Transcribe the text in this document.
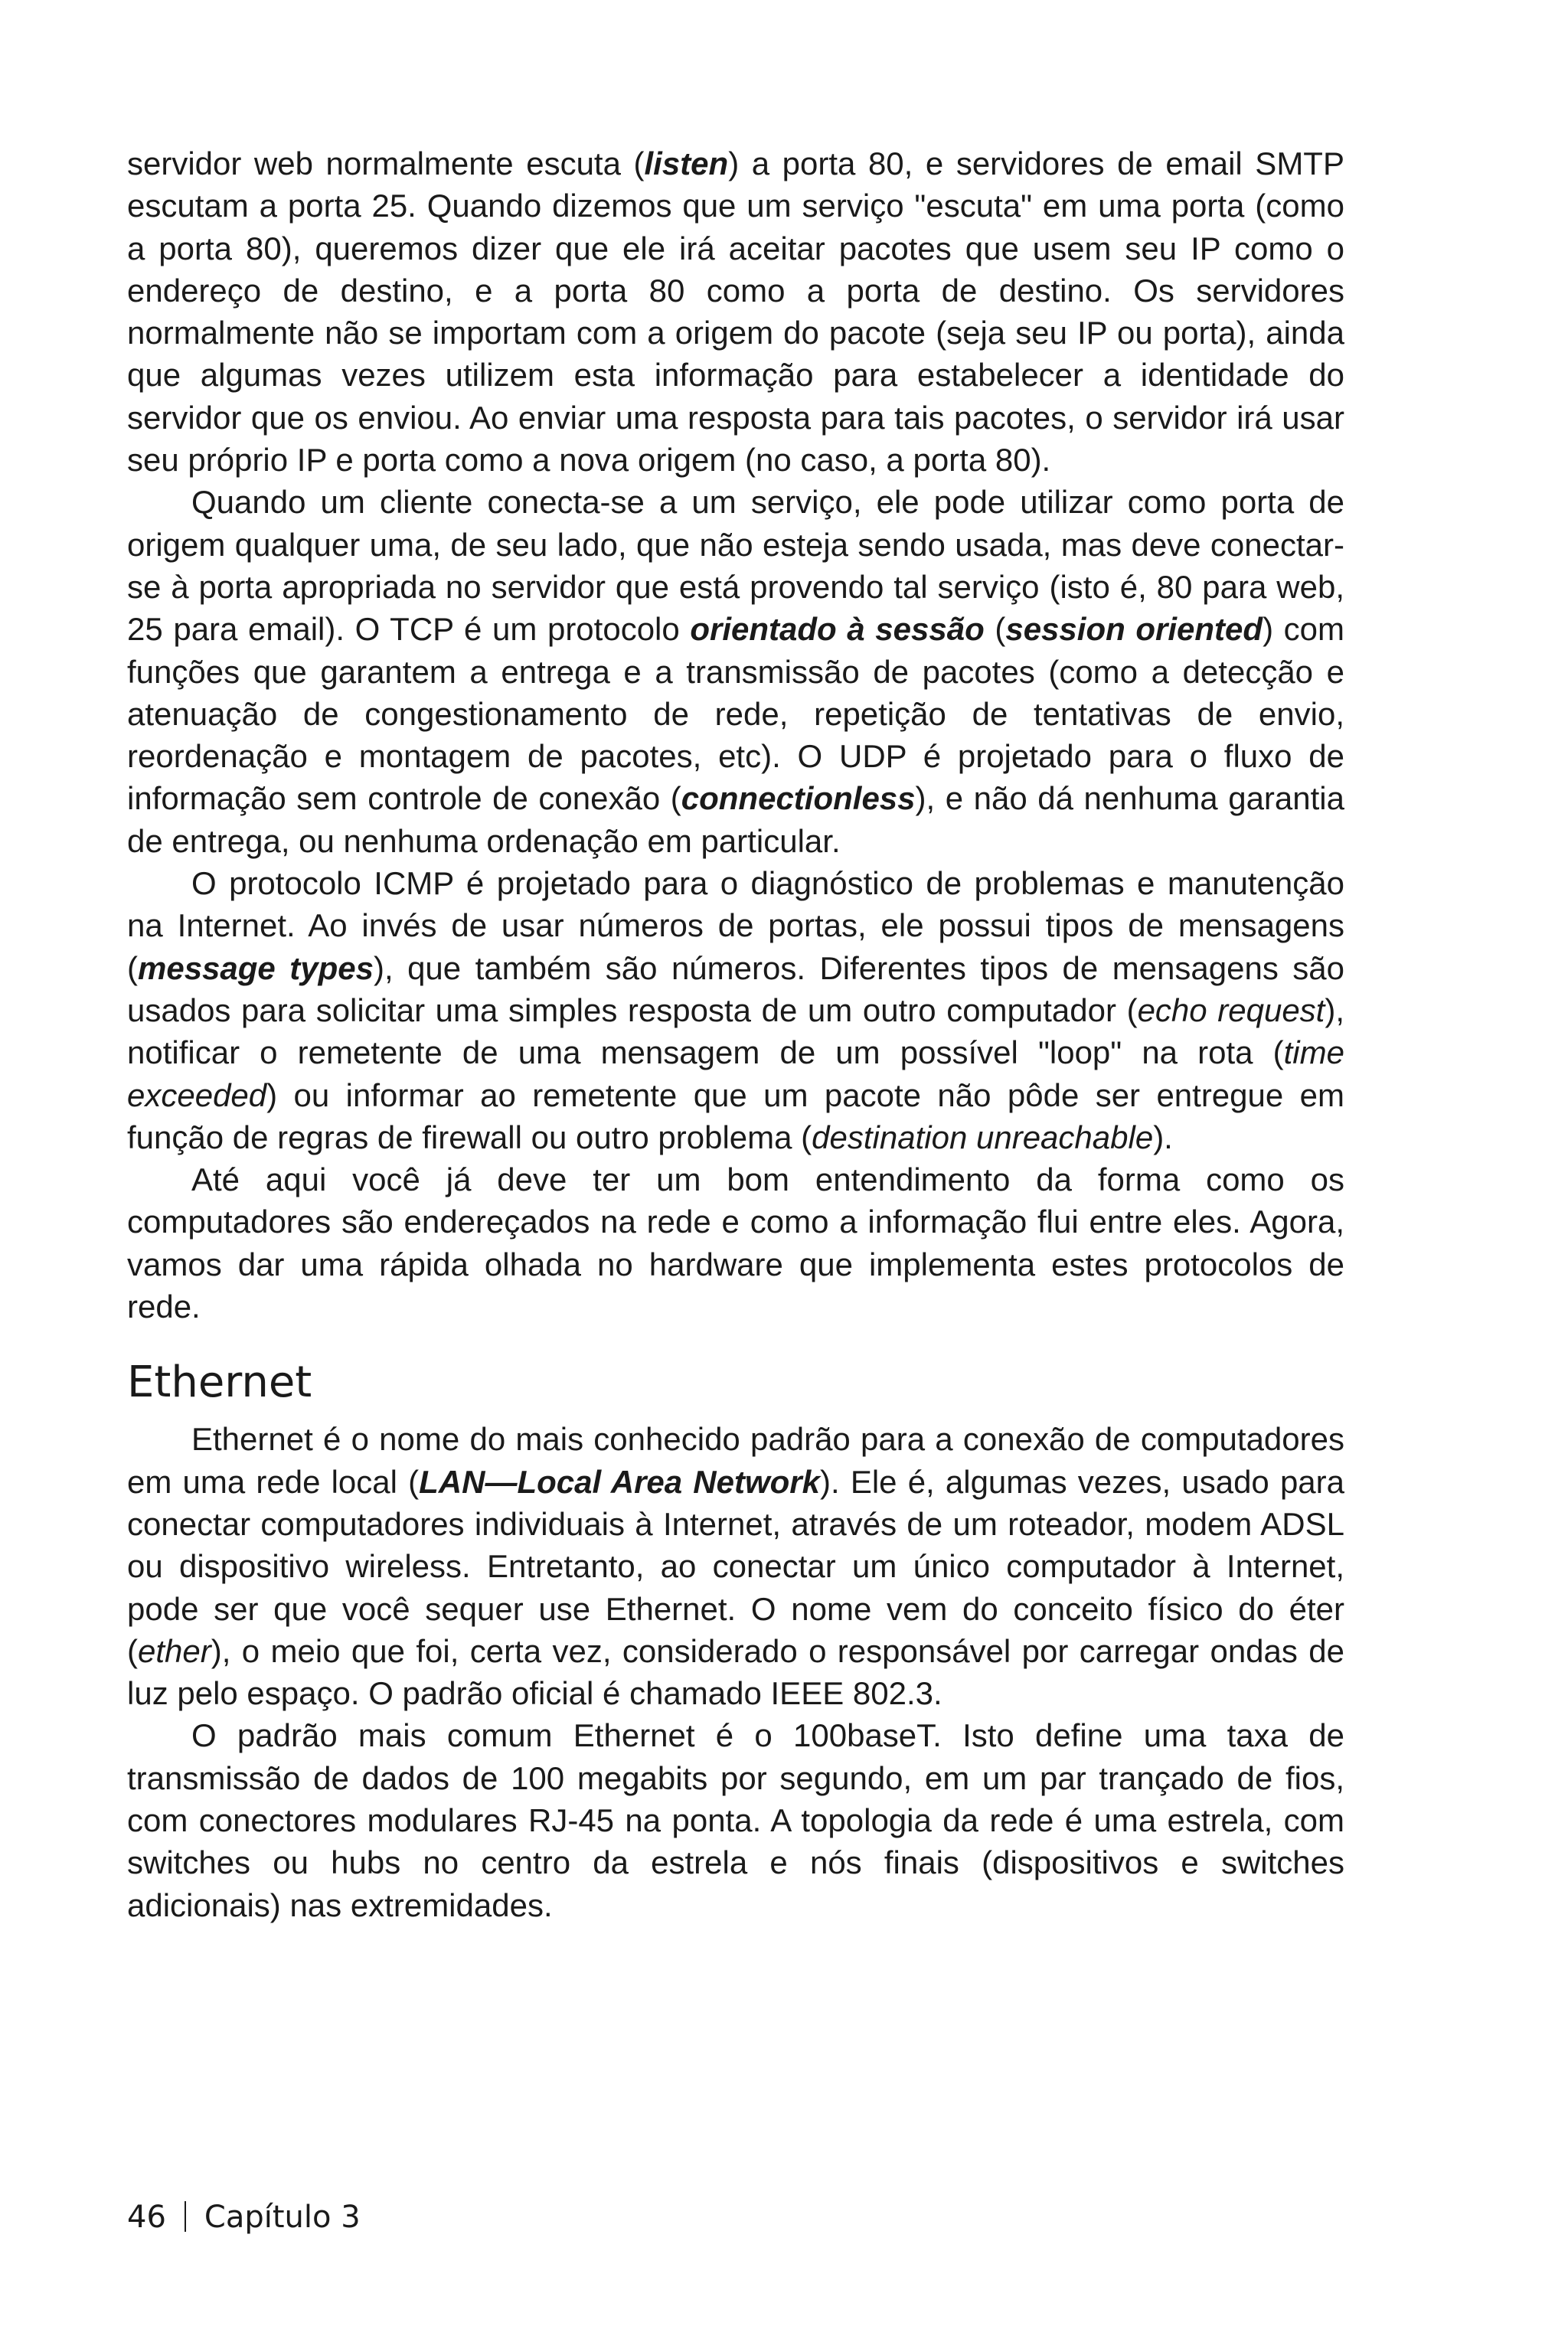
servidor web normalmente escuta (listen) a porta 80, e servidores de email SMTP escutam a porta 25. Quando dizemos que um serviço "escuta" em uma porta (como a porta 80), queremos dizer que ele irá aceitar pacotes que usem seu IP como o endereço de destino, e a porta 80 como a porta de destino. Os servidores normalmente não se importam com a origem do pacote (seja seu IP ou porta), ainda que algumas vezes utilizem esta informação para estabelecer a identidade do servidor que os enviou. Ao enviar uma resposta para tais pacotes, o servidor irá usar seu próprio IP e porta como a nova origem (no caso, a porta 80).

Quando um cliente conecta-se a um serviço, ele pode utilizar como porta de origem qualquer uma, de seu lado, que não esteja sendo usada, mas deve conectar-se à porta apropriada no servidor que está provendo tal serviço (isto é, 80 para web, 25 para email). O TCP é um protocolo orientado à sessão (session oriented) com funções que garantem a entrega e a transmissão de pacotes (como a detecção e atenuação de congestionamento de rede, repetição de tentativas de envio, reordenação e montagem de pacotes, etc). O UDP é projetado para o fluxo de informação sem controle de conexão (connectionless), e não dá nenhuma garantia de entrega, ou nenhuma ordenação em particular.

O protocolo ICMP é projetado para o diagnóstico de problemas e manutenção na Internet. Ao invés de usar números de portas, ele possui tipos de mensagens (message types), que também são números. Diferentes tipos de mensagens são usados para solicitar uma simples resposta de um outro computador (echo request), notificar o remetente de uma mensagem de um possível "loop" na rota (time exceeded) ou informar ao remetente que um pacote não pôde ser entregue em função de regras de firewall ou outro problema (destination unreachable).

Até aqui você já deve ter um bom entendimento da forma como os computadores são endereçados na rede e como a informação flui entre eles. Agora, vamos dar uma rápida olhada no hardware que implementa estes protocolos de rede.

Ethernet

Ethernet é o nome do mais conhecido padrão para a conexão de computadores em uma rede local (LAN—Local Area Network). Ele é, algumas vezes, usado para conectar computadores individuais à Internet, através de um roteador, modem ADSL ou dispositivo wireless. Entretanto, ao conectar um único computador à Internet, pode ser que você sequer use Ethernet. O nome vem do conceito físico do éter (ether), o meio que foi, certa vez, considerado o responsável por carregar ondas de luz pelo espaço. O padrão oficial é chamado IEEE 802.3.

O padrão mais comum Ethernet é o 100baseT. Isto define uma taxa de transmissão de dados de 100 megabits por segundo, em um par trançado de fios, com conectores modulares RJ-45 na ponta. A topologia da rede é uma estrela, com switches ou hubs no centro da estrela e nós finais (dispositivos e switches adicionais) nas extremidades.

46 Capítulo 3
